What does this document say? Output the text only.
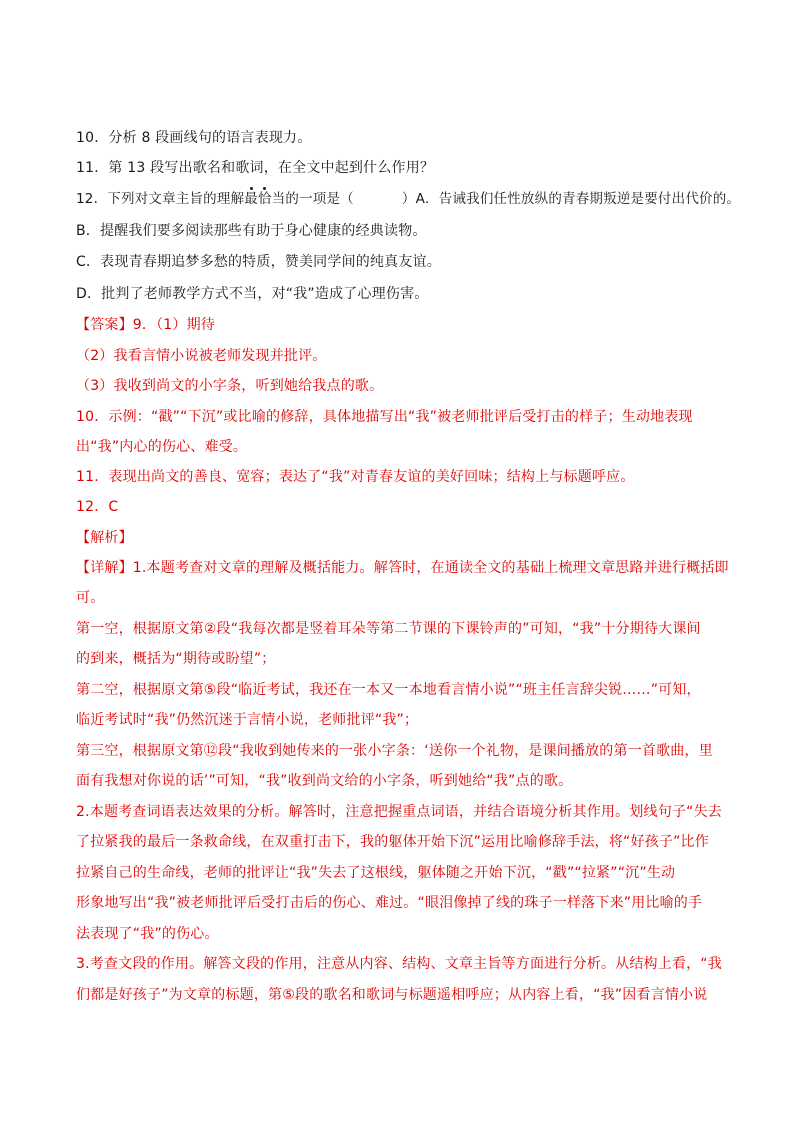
10．分析 8 段画线句的语言表现力。
11．第 13 段写出歌名和歌词，在全文中起到什么作用？
12．下列对文章主旨的理解最恰当的一项是（	）A．告诫我们任性放纵的青春期叛逆是要付出代价的。
B．提醒我们要多阅读那些有助于身心健康的经典读物。
C．表现青春期追梦多愁的特质，赞美同学间的纯真友谊。
D．批判了老师教学方式不当，对“我”造成了心理伤害。
【答案】9．（1）期待
（2）我看言情小说被老师发现并批评。
（3）我收到尚文的小字条，听到她给我点的歌。
10．示例：“戳”“下沉”或比喻的修辞，具体地描写出“我”被老师批评后受打击的样子；生动地表现
出“我”内心的伤心、难受。
11．表现出尚文的善良、宽容；表达了“我”对青春友谊的美好回味；结构上与标题呼应。
12．C
【解析】
【详解】1.本题考查对文章的理解及概括能力。解答时，在通读全文的基础上梳理文章思路并进行概括即
可。
第一空，根据原文第②段“我每次都是竖着耳朵等第二节课的下课铃声的”可知，“我”十分期待大课间
的到来，概括为“期待或盼望”；
第二空，根据原文第⑤段“临近考试，我还在一本又一本地看言情小说”“班主任言辞尖锐……”可知，
临近考试时“我”仍然沉迷于言情小说，老师批评“我”；
第三空，根据原文第⑫段“我收到她传来的一张小字条：‘送你一个礼物，是课间播放的第一首歌曲，里
面有我想对你说的话’”可知，“我”收到尚文给的小字条，听到她给“我”点的歌。
2.本题考查词语表达效果的分析。解答时，注意把握重点词语，并结合语境分析其作用。划线句子“失去
了拉紧我的最后一条救命线，在双重打击下，我的躯体开始下沉”运用比喻修辞手法，将“好孩子”比作
拉紧自己的生命线，老师的批评让“我”失去了这根线，躯体随之开始下沉，“戳”“拉紧”“沉”生动
形象地写出“我”被老师批评后受打击后的伤心、难过。“眼泪像掉了线的珠子一样落下来”用比喻的手
法表现了“我”的伤心。
3.考查文段的作用。解答文段的作用，注意从内容、结构、文章主旨等方面进行分析。从结构上看，“我
们都是好孩子”为文章的标题，第⑤段的歌名和歌词与标题遥相呼应；从内容上看，“我”因看言情小说
